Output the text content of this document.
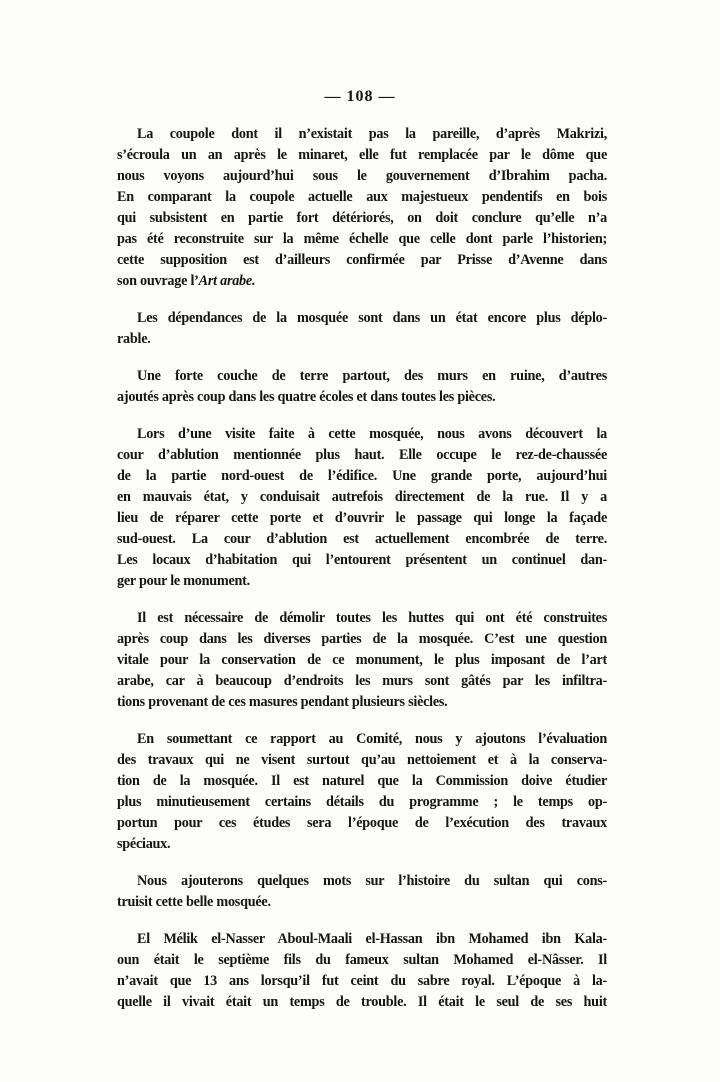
— 108 —

La coupole dont il n’existait pas la pareille, d’après Makrizi,
s’écroula un an après le minaret, elle fut remplacée par le dôme que
nous voyons aujourd’hui sous le gouvernement d’Ibrahim pacha.
En comparant la coupole actuelle aux majestueux pendentifs en bois
qui subsistent en partie fort détériorés, on doit conclure qu’elle n’a
pas été reconstruite sur la même échelle que celle dont parle l’historien;
cette supposition est d’ailleurs confirmée par Prisse d’Avenne dans
son ouvrage l’Art arabe.

Les dépendances de la mosquée sont dans un état encore plus déplo-
rable.

Une forte couche de terre partout, des murs en ruine, d’autres
ajoutés après coup dans les quatre écoles et dans toutes les pièces.

Lors d’une visite faite à cette mosquée, nous avons découvert la
cour d’ablution mentionnée plus haut. Elle occupe le rez-de-chaussée
de la partie nord-ouest de l’édifice. Une grande porte, aujourd’hui
en mauvais état, y conduisait autrefois directement de la rue. Il y a
lieu de réparer cette porte et d’ouvrir le passage qui longe la façade
sud-ouest. La cour d’ablution est actuellement encombrée de terre.
Les locaux d’habitation qui l’entourent présentent un continuel dan-
ger pour le monument.

Il est nécessaire de démolir toutes les huttes qui ont été construites
après coup dans les diverses parties de la mosquée. C’est une question
vitale pour la conservation de ce monument, le plus imposant de l’art
arabe, car à beaucoup d’endroits les murs sont gâtés par les infiltra-
tions provenant de ces masures pendant plusieurs siècles.

En soumettant ce rapport au Comité, nous y ajoutons l’évaluation
des travaux qui ne visent surtout qu’au nettoiement et à la conserva-
tion de la mosquée. Il est naturel que la Commission doive étudier
plus minutieusement certains détails du programme ; le temps op-
portun pour ces études sera l’époque de l’exécution des travaux
spéciaux.

Nous ajouterons quelques mots sur l’histoire du sultan qui cons-
truisit cette belle mosquée.

El Mélik el-Nasser Aboul-Maali el-Hassan ibn Mohamed ibn Kala-
oun était le septième fils du fameux sultan Mohamed el-Nâsser. Il
n’avait que 13 ans lorsqu’il fut ceint du sabre royal. L’époque à la-
quelle il vivait était un temps de trouble. Il était le seul de ses huit
